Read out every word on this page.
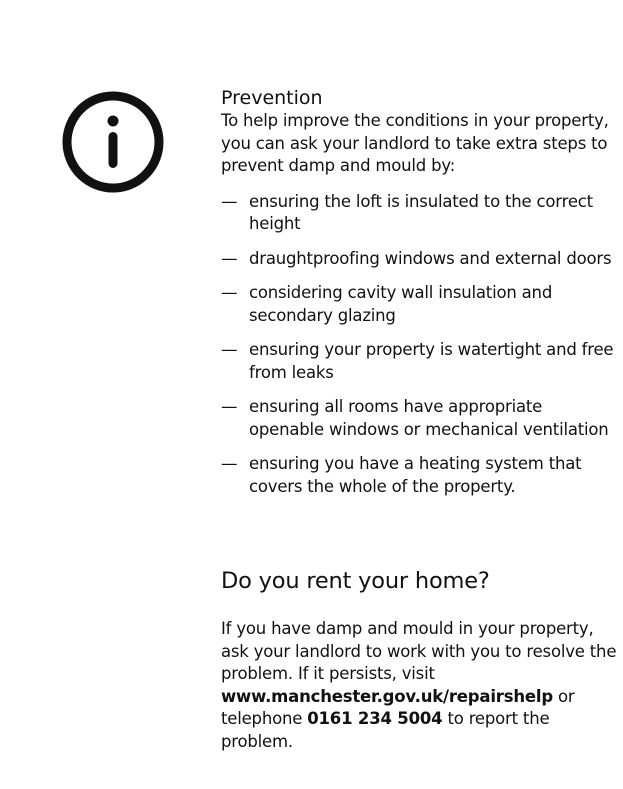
Prevention

To help improve the conditions in your property, you can ask your landlord to take extra steps to prevent damp and mould by:

— ensuring the loft is insulated to the correct height
— draughtproofing windows and external doors
— considering cavity wall insulation and secondary glazing
— ensuring your property is watertight and free from leaks
— ensuring all rooms have appropriate openable windows or mechanical ventilation
— ensuring you have a heating system that covers the whole of the property.
Do you rent your home?

If you have damp and mould in your property, ask your landlord to work with you to resolve the problem. If it persists, visit www.manchester.gov.uk/repairshelp or telephone 0161 234 5004 to report the problem.
